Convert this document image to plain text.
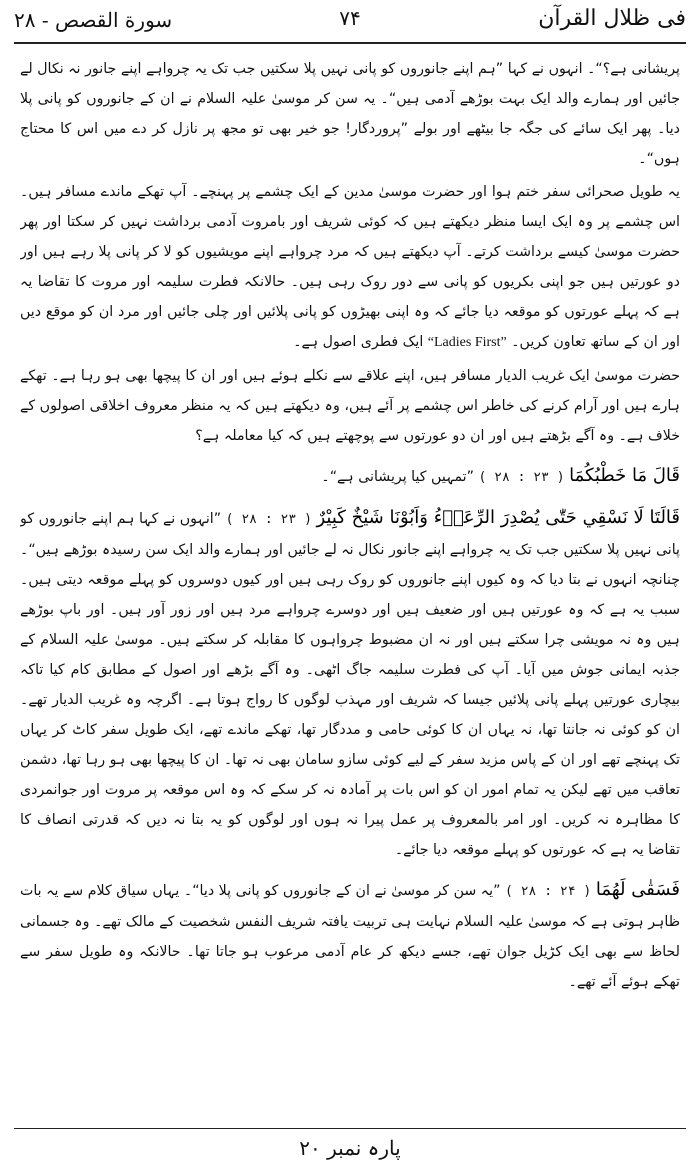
فی ظلال القرآن
۷۴
سورة القصص - ۲۸

پریشانی ہے؟“۔ انہوں نے کہا ”ہم اپنے جانوروں کو پانی نہیں پلا سکتیں جب تک یہ چرواہے اپنے جانور نہ نکال لے جائیں اور ہمارے والد ایک بہت بوڑھے آدمی ہیں“۔ یہ سن کر موسیٰ علیہ السلام نے ان کے جانوروں کو پانی پلا دیا۔ پھر ایک سائے کی جگہ جا بیٹھے اور بولے ”پروردگار! جو خیر بھی تو مجھ پر نازل کر دے میں اس کا محتاج ہوں“۔

یہ طویل صحرائی سفر ختم ہوا اور حضرت موسیٰ مدین کے ایک چشمے پر پہنچے۔ آپ تھکے ماندے مسافر ہیں۔ اس چشمے پر وہ ایک ایسا منظر دیکھتے ہیں کہ کوئی شریف اور بامروت آدمی برداشت نہیں کر سکتا اور پھر حضرت موسیٰ کیسے برداشت کرتے۔ آپ دیکھتے ہیں کہ مرد چرواہے اپنے مویشیوں کو لا کر پانی پلا رہے ہیں اور دو عورتیں ہیں جو اپنی بکریوں کو پانی سے دور روک رہی ہیں۔ حالانکہ فطرت سلیمہ اور مروت کا تقاضا یہ ہے کہ پہلے عورتوں کو موقعہ دیا جائے کہ وہ اپنی بھیڑوں کو پانی پلائیں اور چلی جائیں اور مرد ان کو موقع دیں اور ان کے ساتھ تعاون کریں۔ “Ladies First” ایک فطری اصول ہے۔

حضرت موسیٰ ایک غریب الدیار مسافر ہیں، اپنے علاقے سے نکلے ہوئے ہیں اور ان کا پیچھا بھی ہو رہا ہے۔ تھکے ہارے ہیں اور آرام کرنے کی خاطر اس چشمے پر آئے ہیں، وہ دیکھتے ہیں کہ یہ منظر معروف اخلاقی اصولوں کے خلاف ہے۔ وہ آگے بڑھتے ہیں اور ان دو عورتوں سے پوچھتے ہیں کہ کیا معاملہ ہے؟

قَالَ مَا خَطْبُكُمَا ( ۲۳ : ۲۸ ) ”تمہیں کیا پریشانی ہے“۔

قَالَتَا لَا نَسْقِي حَتّٰى يُصْدِرَ الرِّعَاۗءُ وَاَبُوْنَا شَيْخٌ كَبِيْرٌ ( ۲۳ : ۲۸ ) ”انہوں نے کہا ہم اپنے جانوروں کو پانی نہیں پلا سکتیں جب تک یہ چرواہے اپنے جانور نکال نہ لے جائیں اور ہمارے والد ایک سن رسیدہ بوڑھے ہیں“۔ چنانچہ انہوں نے بتا دیا کہ وہ کیوں اپنے جانوروں کو روک رہی ہیں اور کیوں دوسروں کو پہلے موقعہ دیتی ہیں۔ سبب یہ ہے کہ وہ عورتیں ہیں اور ضعیف ہیں اور دوسرے چرواہے مرد ہیں اور زور آور ہیں۔ اور باپ بوڑھے ہیں وہ نہ مویشی چرا سکتے ہیں اور نہ ان مضبوط چرواہوں کا مقابلہ کر سکتے ہیں۔ موسیٰ علیہ السلام کے جذبہ ایمانی جوش میں آیا۔ آپ کی فطرت سلیمہ جاگ اٹھی۔ وہ آگے بڑھے اور اصول کے مطابق کام کیا تاکہ بیچاری عورتیں پہلے پانی پلائیں جیسا کہ شریف اور مہذب لوگوں کا رواج ہوتا ہے۔ اگرچہ وہ غریب الدیار تھے۔ ان کو کوئی نہ جانتا تھا، نہ یہاں ان کا کوئی حامی و مددگار تھا، تھکے ماندے تھے، ایک طویل سفر کاٹ کر یہاں تک پہنچے تھے اور ان کے پاس مزید سفر کے لیے کوئی سازو سامان بھی نہ تھا۔ ان کا پیچھا بھی ہو رہا تھا، دشمن تعاقب میں تھے لیکن یہ تمام امور ان کو اس بات پر آمادہ نہ کر سکے کہ وہ اس موقعہ پر مروت اور جوانمردی کا مظاہرہ نہ کریں۔ اور امر بالمعروف پر عمل پیرا نہ ہوں اور لوگوں کو یہ بتا نہ دیں کہ قدرتی انصاف کا تقاضا یہ ہے کہ عورتوں کو پہلے موقعہ دیا جائے۔

فَسَقٰى لَهُمَا ( ۲۴ : ۲۸ ) ”یہ سن کر موسیٰ نے ان کے جانوروں کو پانی پلا دیا“۔ یہاں سیاق کلام سے یہ بات ظاہر ہوتی ہے کہ موسیٰ علیہ السلام نہایت ہی تربیت یافتہ شریف النفس شخصیت کے مالک تھے۔ وہ جسمانی لحاظ سے بھی ایک کڑیل جوان تھے، جسے دیکھ کر عام آدمی مرعوب ہو جاتا تھا۔ حالانکہ وہ طویل سفر سے تھکے ہوئے آئے تھے۔

پارہ نمبر ۲۰
